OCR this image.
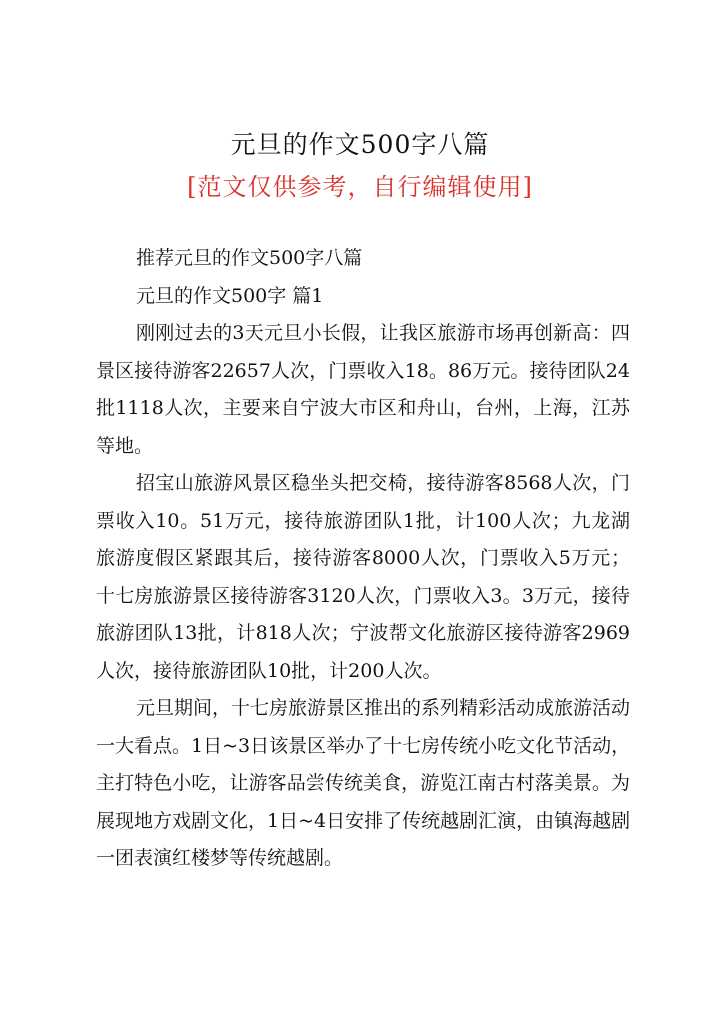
元旦的作文500字八篇
[范文仅供参考，自行编辑使用]
推荐元旦的作文500字八篇
元旦的作文500字 篇1
刚刚过去的3天元旦小长假，让我区旅游市场再创新高：四
景区接待游客22657人次，门票收入18。86万元。接待团队24
批1118人次，主要来自宁波大市区和舟山，台州，上海，江苏
等地。
招宝山旅游风景区稳坐头把交椅，接待游客8568人次，门
票收入10。51万元，接待旅游团队1批，计100人次；九龙湖
旅游度假区紧跟其后，接待游客8000人次，门票收入5万元；
十七房旅游景区接待游客3120人次，门票收入3。3万元，接待
旅游团队13批，计818人次；宁波帮文化旅游区接待游客2969
人次，接待旅游团队10批，计200人次。
元旦期间，十七房旅游景区推出的系列精彩活动成旅游活动
一大看点。1日~3日该景区举办了十七房传统小吃文化节活动，
主打特色小吃，让游客品尝传统美食，游览江南古村落美景。为
展现地方戏剧文化，1日~4日安排了传统越剧汇演，由镇海越剧
一团表演红楼梦等传统越剧。
